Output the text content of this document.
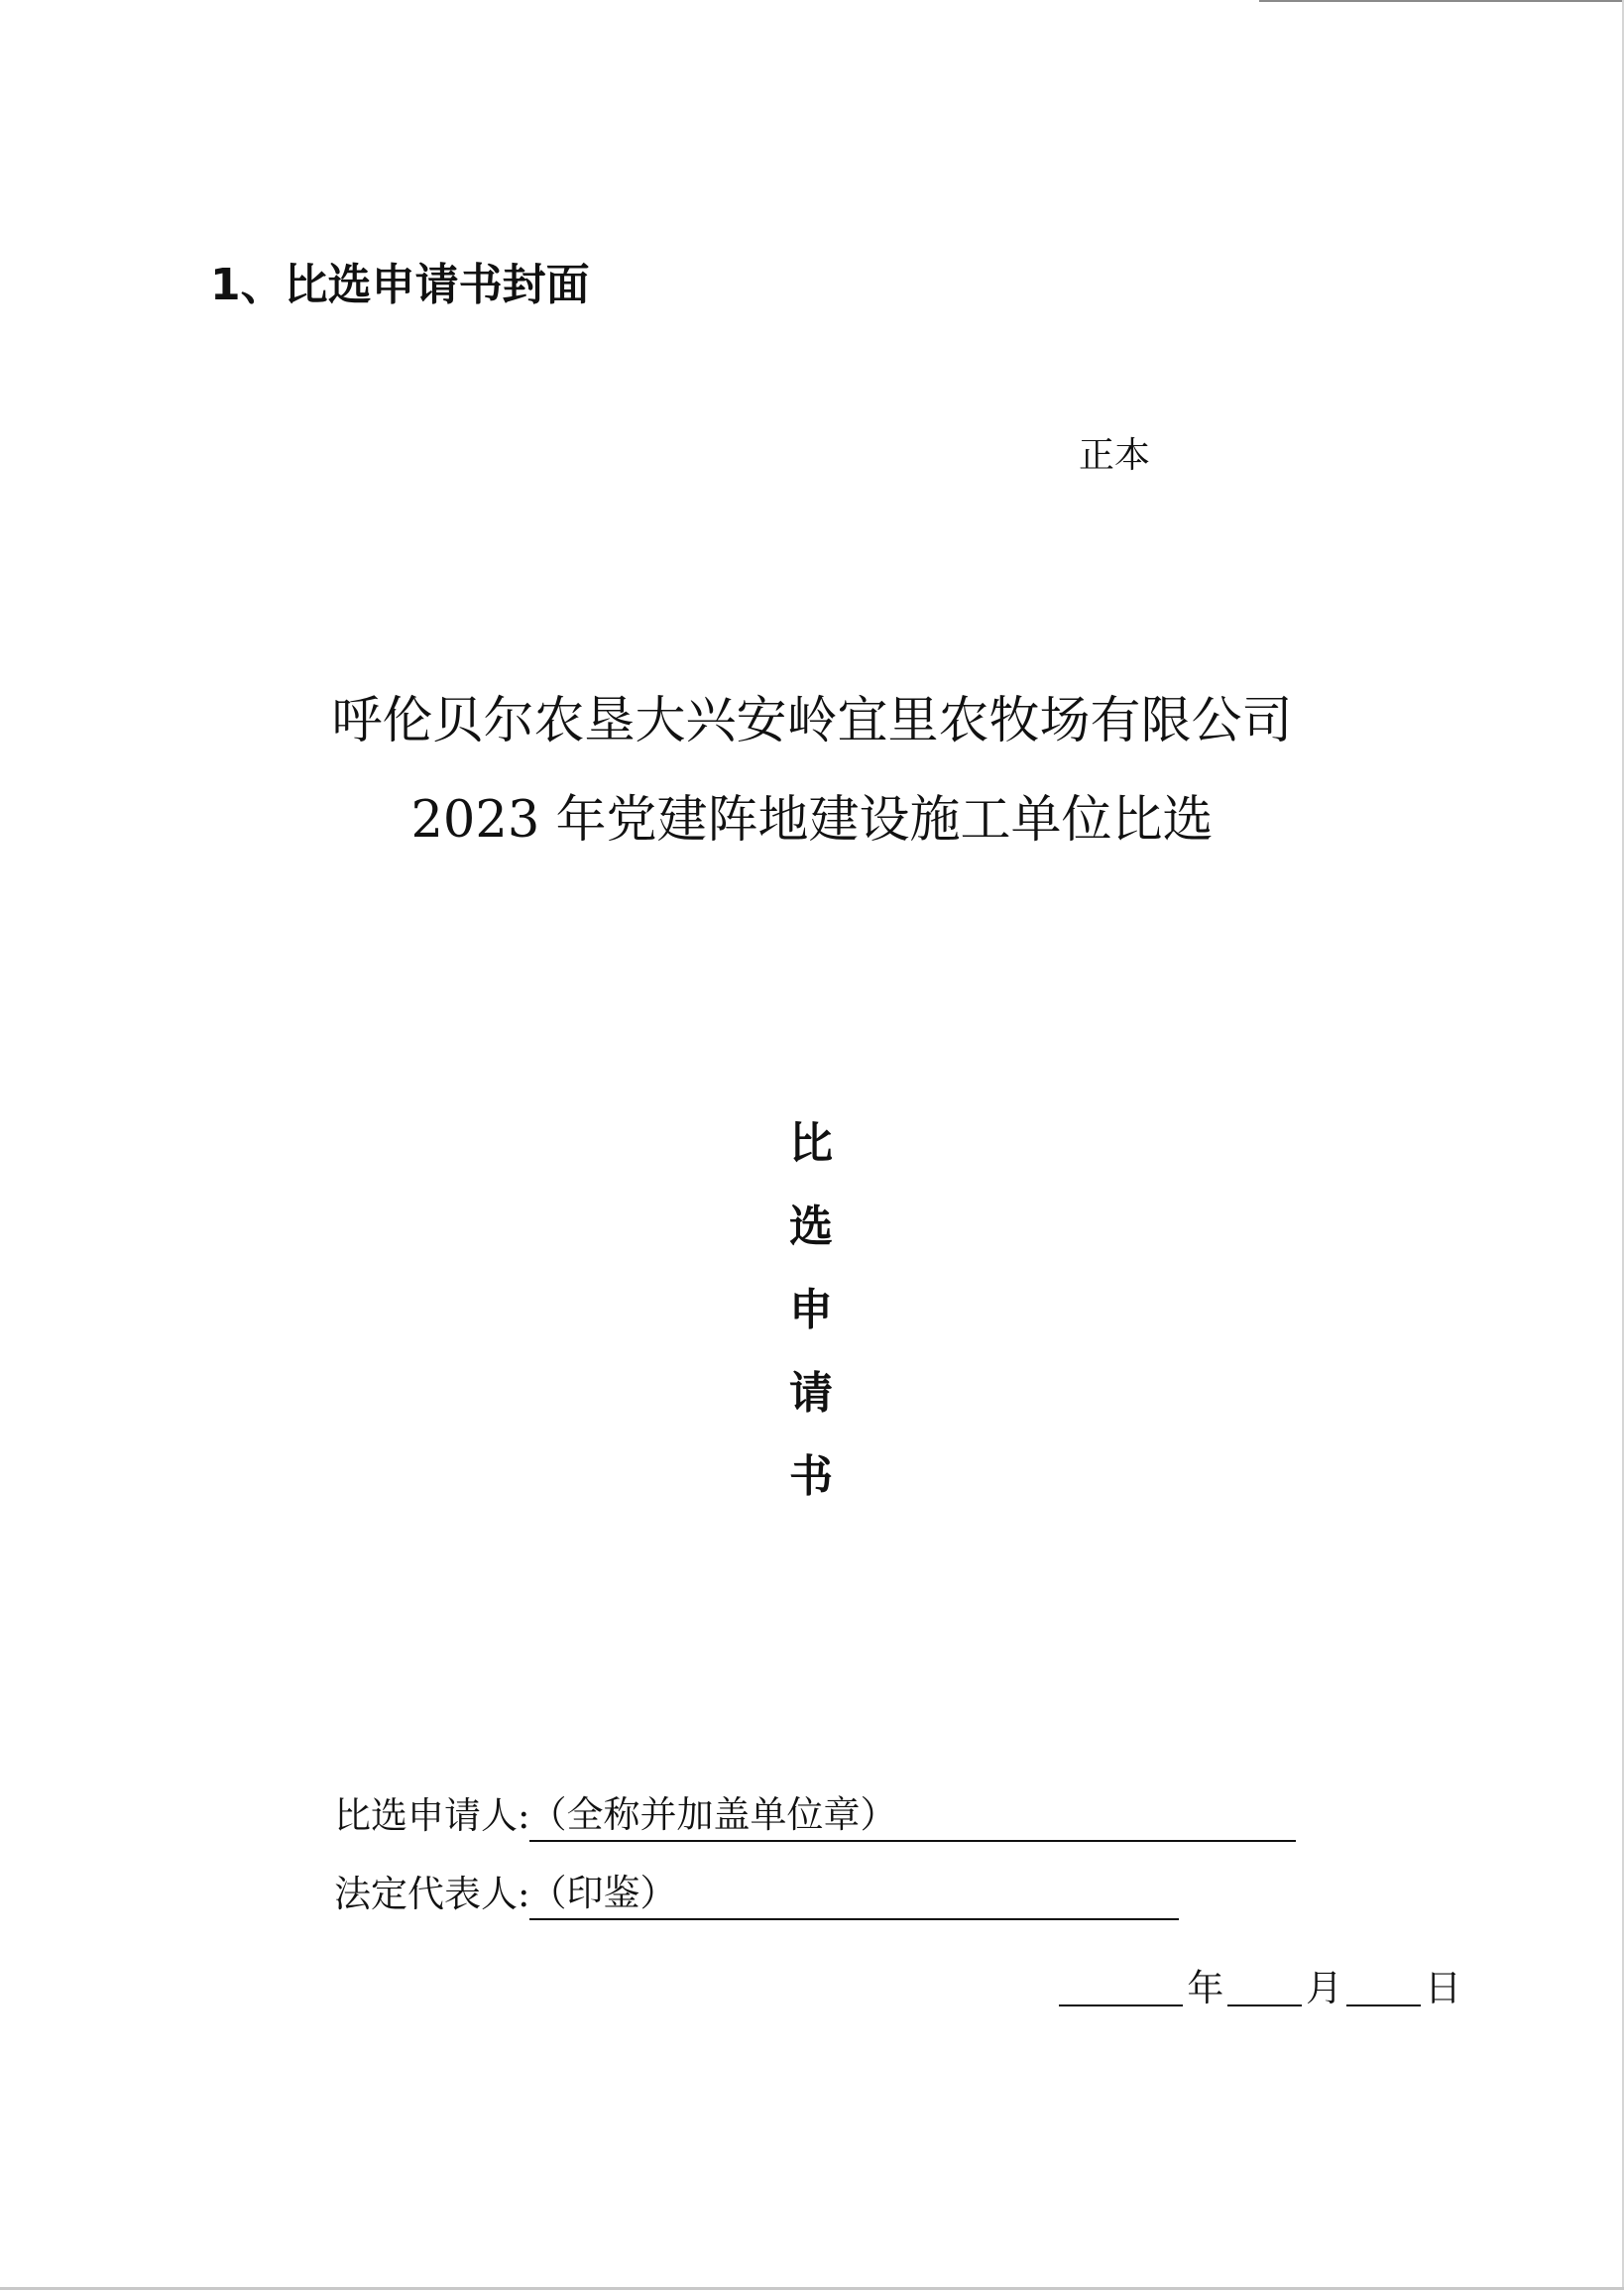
1、比选申请书封面
正本
呼伦贝尔农垦大兴安岭宜里农牧场有限公司
2023 年党建阵地建设施工单位比选
比
选
申
请
书
比选申请人: （全称并加盖单位章）
法定代表人: （印鉴）
年 月 日
